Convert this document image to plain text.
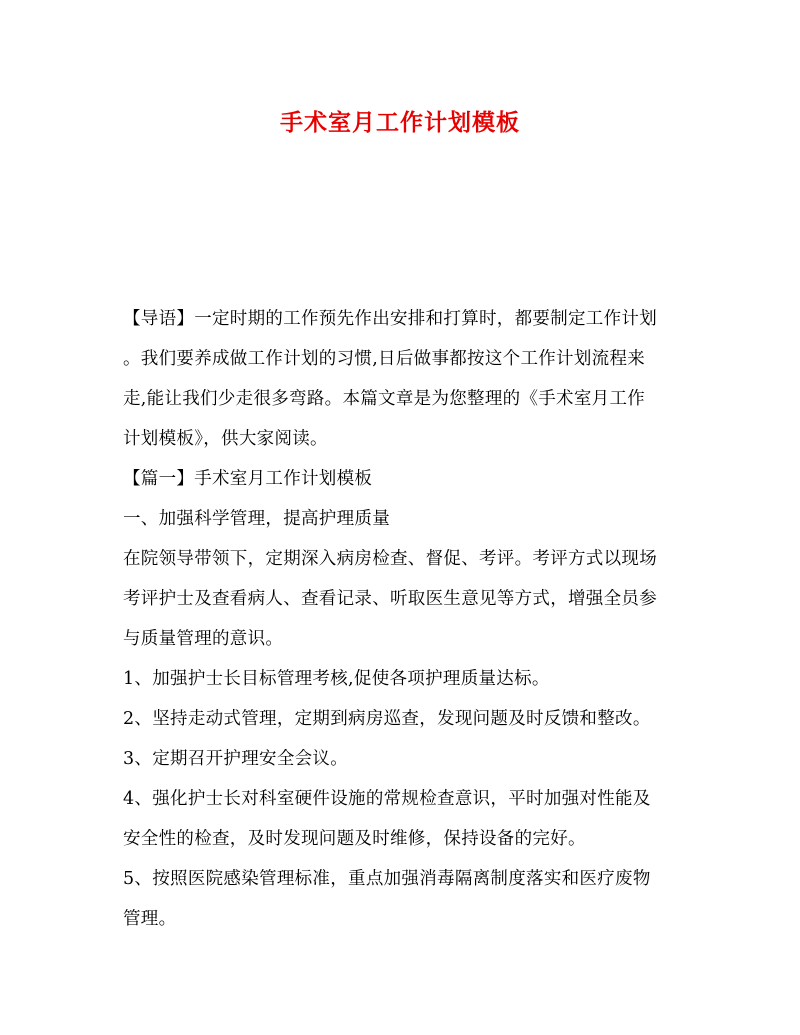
手术室月工作计划模板
【导语】一定时期的工作预先作出安排和打算时，都要制定工作计划
。我们要养成做工作计划的习惯,日后做事都按这个工作计划流程来
走,能让我们少走很多弯路。本篇文章是为您整理的《手术室月工作
计划模板》，供大家阅读。
【篇一】手术室月工作计划模板
一、加强科学管理，提高护理质量
在院领导带领下，定期深入病房检查、督促、考评。考评方式以现场
考评护士及查看病人、查看记录、听取医生意见等方式，增强全员参
与质量管理的意识。
1、加强护士长目标管理考核,促使各项护理质量达标。
2、坚持走动式管理，定期到病房巡查，发现问题及时反馈和整改。
3、定期召开护理安全会议。
4、强化护士长对科室硬件设施的常规检查意识，平时加强对性能及
安全性的检查，及时发现问题及时维修，保持设备的完好。
5、按照医院感染管理标准，重点加强消毒隔离制度落实和医疗废物
管理。
